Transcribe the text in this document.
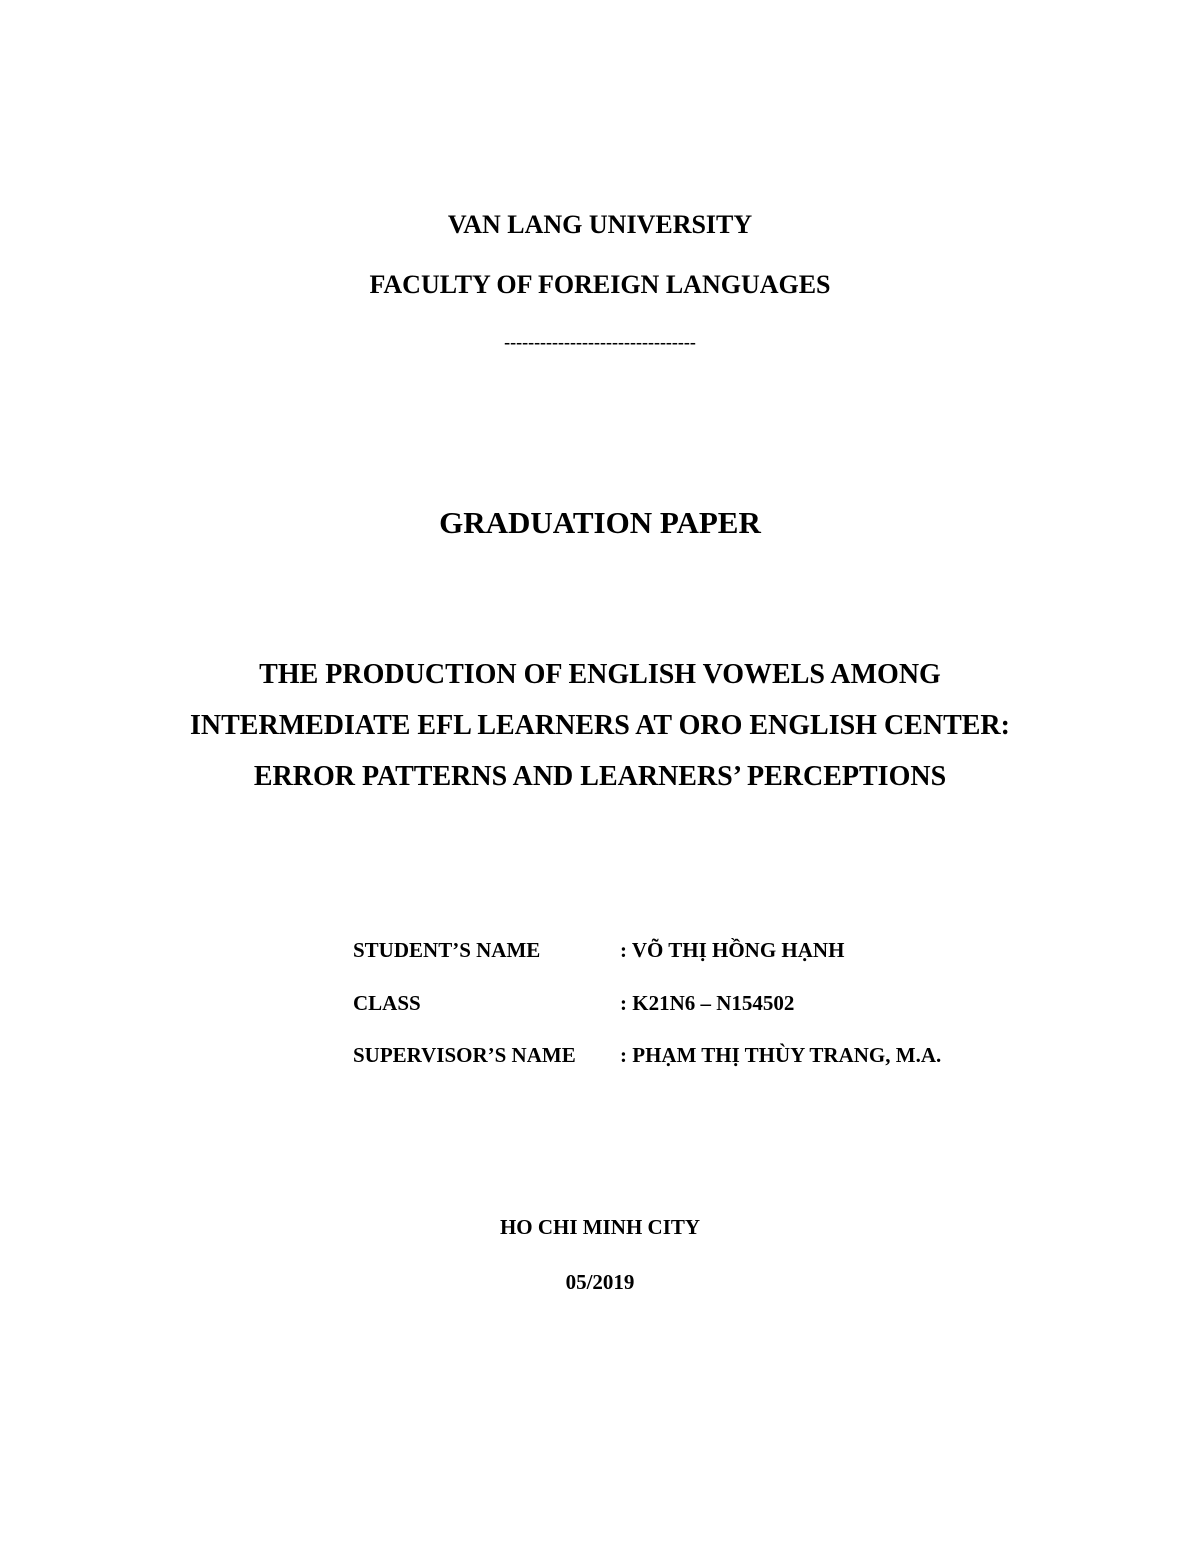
VAN LANG UNIVERSITY
FACULTY OF FOREIGN LANGUAGES
--------------------------------
GRADUATION PAPER
THE PRODUCTION OF ENGLISH VOWELS AMONG
INTERMEDIATE EFL LEARNERS AT ORO ENGLISH CENTER:
ERROR PATTERNS AND LEARNERS’ PERCEPTIONS
STUDENT’S NAME	: VÕ THỊ HỒNG HẠNH
CLASS	: K21N6 – N154502
SUPERVISOR’S NAME	: PHẠM THỊ THÙY TRANG, M.A.
HO CHI MINH CITY
05/2019
